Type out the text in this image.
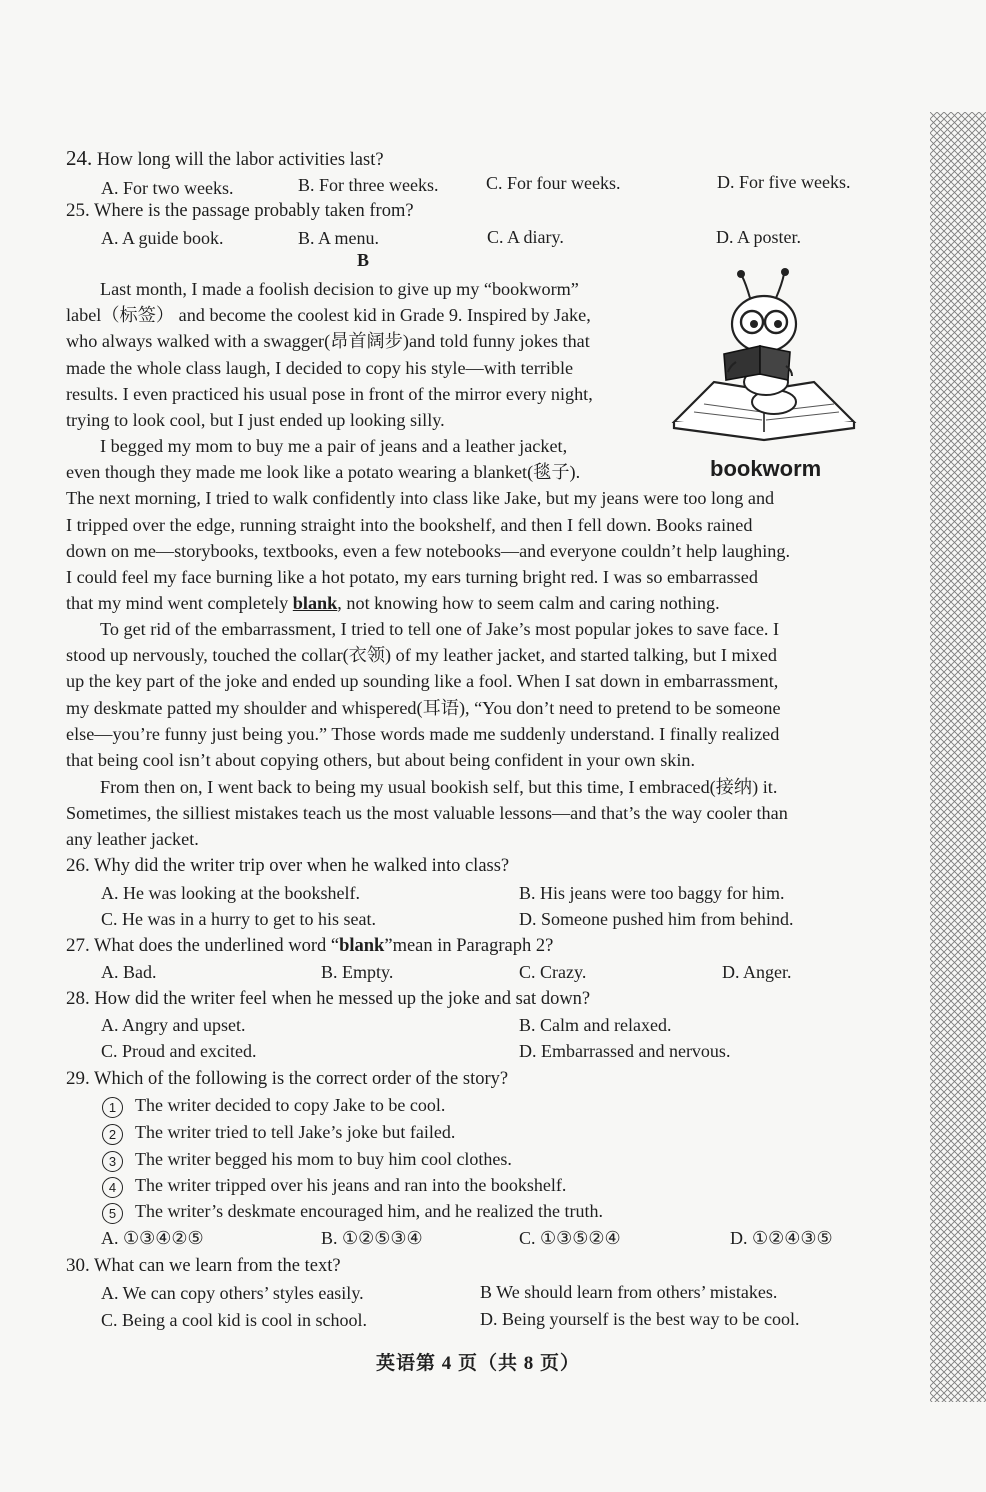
24. How long will the labor activities last?
A. For two weeks.	B. For three weeks.	C. For four weeks.	D. For five weeks.
25. Where is the passage probably taken from?
A. A guide book.	B. A menu.	C. A diary.	D. A poster.
B
Last month, I made a foolish decision to give up my “bookworm”
label（标签） and become the coolest kid in Grade 9. Inspired by Jake,
who always walked with a swagger(昂首阔步)and told funny jokes that
made the whole class laugh, I decided to copy his style—with terrible
results. I even practiced his usual pose in front of the mirror every night,
trying to look cool, but I just ended up looking silly.
I begged my mom to buy me a pair of jeans and a leather jacket,
even though they made me look like a potato wearing a blanket(毯子).
The next morning, I tried to walk confidently into class like Jake, but my jeans were too long and
I tripped over the edge, running straight into the bookshelf, and then I fell down. Books rained
down on me—storybooks, textbooks, even a few notebooks—and everyone couldn’t help laughing.
I could feel my face burning like a hot potato, my ears turning bright red. I was so embarrassed
that my mind went completely blank, not knowing how to seem calm and caring nothing.
To get rid of the embarrassment, I tried to tell one of Jake’s most popular jokes to save face. I
stood up nervously, touched the collar(衣领) of my leather jacket, and started talking, but I mixed
up the key part of the joke and ended up sounding like a fool. When I sat down in embarrassment,
my deskmate patted my shoulder and whispered(耳语), “You don’t need to pretend to be someone
else—you’re funny just being you.” Those words made me suddenly understand. I finally realized
that being cool isn’t about copying others, but about being confident in your own skin.
From then on, I went back to being my usual bookish self, but this time, I embraced(接纳) it.
Sometimes, the silliest mistakes teach us the most valuable lessons—and that’s the way cooler than
any leather jacket.
bookworm
26. Why did the writer trip over when he walked into class?
A. He was looking at the bookshelf.	B. His jeans were too baggy for him.
C. He was in a hurry to get to his seat.	D. Someone pushed him from behind.
27. What does the underlined word “blank”mean in Paragraph 2?
A. Bad.	B. Empty.	C. Crazy.	D. Anger.
28. How did the writer feel when he messed up the joke and sat down?
A. Angry and upset.	B. Calm and relaxed.
C. Proud and excited.	D. Embarrassed and nervous.
29. Which of the following is the correct order of the story?
1 The writer decided to copy Jake to be cool.
2 The writer tried to tell Jake’s joke but failed.
3 The writer begged his mom to buy him cool clothes.
4 The writer tripped over his jeans and ran into the bookshelf.
5 The writer’s deskmate encouraged him, and he realized the truth.
A. ①③④②⑤	B. ①②⑤③④	C. ①③⑤②④	D. ①②④③⑤
30. What can we learn from the text?
A. We can copy others’ styles easily.	B We should learn from others’ mistakes.
C. Being a cool kid is cool in school.	D. Being yourself is the best way to be cool.
英语第 4 页（共 8 页）
